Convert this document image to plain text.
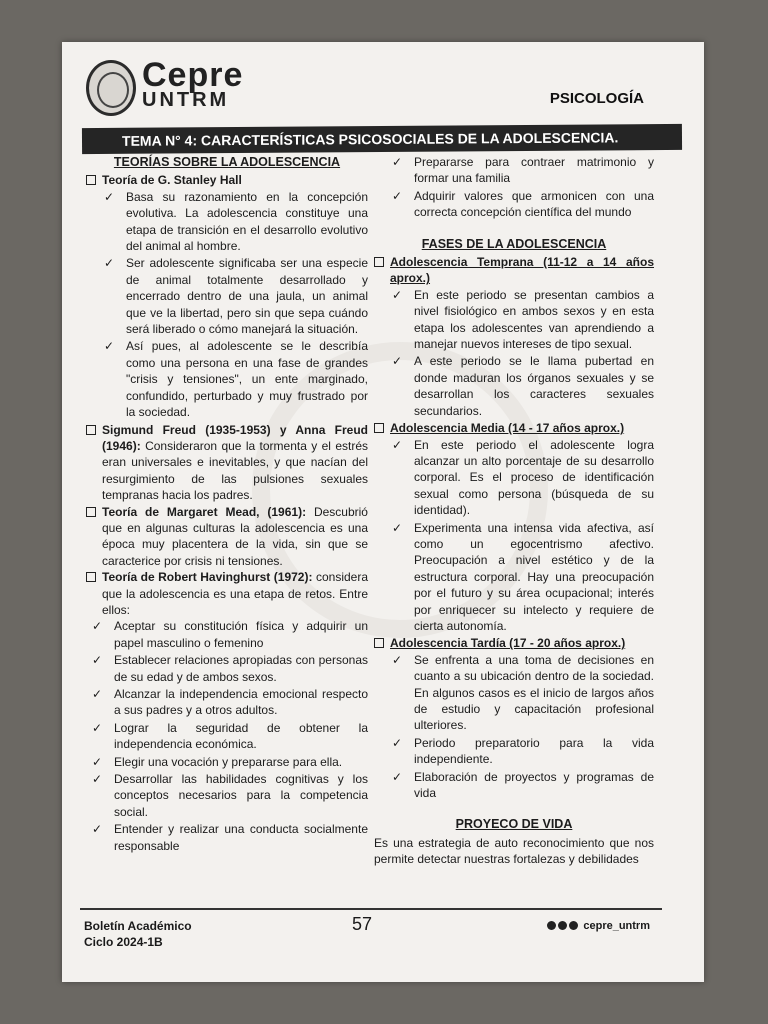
Cepre
UNTRM	PSICOLOGÍA
TEMA N° 4: CARACTERÍSTICAS PSICOSOCIALES DE LA ADOLESCENCIA.
TEORÍAS SOBRE LA ADOLESCENCIA
Teoría de G. Stanley Hall
✓ Basa su razonamiento en la concepción evolutiva. La adolescencia constituye una etapa de transición en el desarrollo evolutivo del animal al hombre.
✓ Ser adolescente significaba ser una especie de animal totalmente desarrollado y encerrado dentro de una jaula, un animal que ve la libertad, pero sin que sepa cuándo será liberado o cómo manejará la situación.
✓ Así pues, al adolescente se le describía como una persona en una fase de grandes "crisis y tensiones", un ente marginado, confundido, perturbado y muy frustrado por la sociedad.
Sigmund Freud (1935-1953) y Anna Freud (1946): Consideraron que la tormenta y el estrés eran universales e inevitables, y que nacían del resurgimiento de las pulsiones sexuales tempranas hacia los padres.
Teoría de Margaret Mead, (1961): Descubrió que en algunas culturas la adolescencia es una época muy placentera de la vida, sin que se caracterice por crisis ni tensiones.
Teoría de Robert Havinghurst (1972): considera que la adolescencia es una etapa de retos. Entre ellos:
✓ Aceptar su constitución física y adquirir un papel masculino o femenino
✓ Establecer relaciones apropiadas con personas de su edad y de ambos sexos.
✓ Alcanzar la independencia emocional respecto a sus padres y a otros adultos.
✓ Lograr la seguridad de obtener la independencia económica.
✓ Elegir una vocación y prepararse para ella.
✓ Desarrollar las habilidades cognitivas y los conceptos necesarios para la competencia social.
✓ Entender y realizar una conducta socialmente responsable
✓ Prepararse para contraer matrimonio y formar una familia
✓ Adquirir valores que armonicen con una correcta concepción científica del mundo
FASES DE LA ADOLESCENCIA
Adolescencia Temprana (11-12 a 14 años aprox.)
✓ En este periodo se presentan cambios a nivel fisiológico en ambos sexos y en esta etapa los adolescentes van aprendiendo a manejar nuevos intereses de tipo sexual.
✓ A este periodo se le llama pubertad en donde maduran los órganos sexuales y se desarrollan los caracteres sexuales secundarios.
Adolescencia Media (14 - 17 años aprox.)
✓ En este periodo el adolescente logra alcanzar un alto porcentaje de su desarrollo corporal. Es el proceso de identificación sexual como persona (búsqueda de su identidad).
✓ Experimenta una intensa vida afectiva, así como un egocentrismo afectivo. Preocupación a nivel estético y de la estructura corporal. Hay una preocupación por el futuro y su área ocupacional; interés por enriquecer su intelecto y requiere de cierta autonomía.
Adolescencia Tardía (17 - 20 años aprox.)
✓ Se enfrenta a una toma de decisiones en cuanto a su ubicación dentro de la sociedad. En algunos casos es el inicio de largos años de estudio y capacitación profesional ulteriores.
✓ Periodo preparatorio para la vida independiente.
✓ Elaboración de proyectos y programas de vida
PROYECO DE VIDA

Es una estrategia de auto reconocimiento que nos permite detectar nuestras fortalezas y debilidades

Boletín Académico
Ciclo 2024-1B
57	cepre_untrm
